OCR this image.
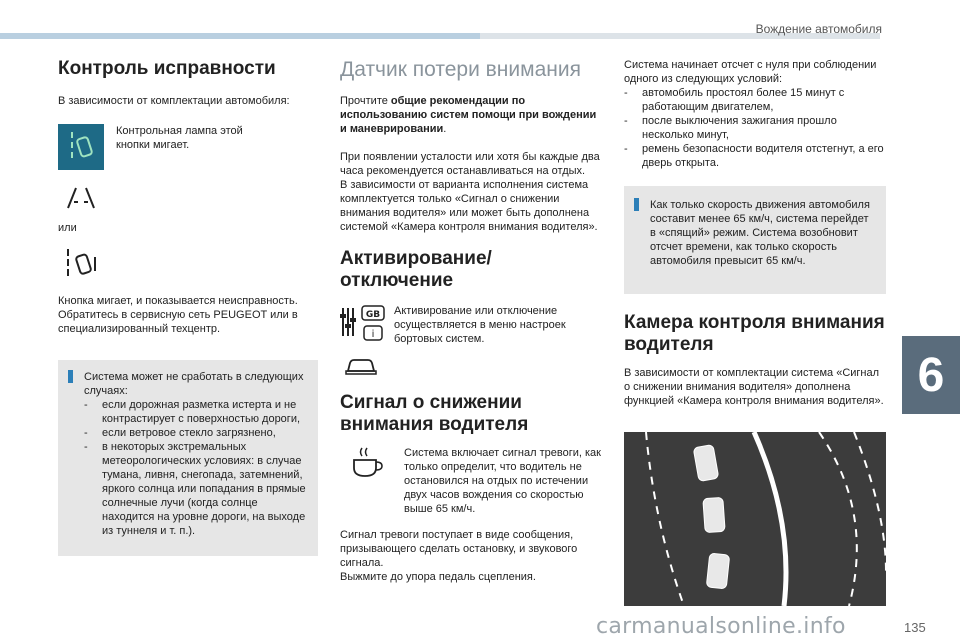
Вождение автомобиля
Контроль исправности

В зависимости от комплектации автомобиля:

Контрольная лампа этой кнопки мигает.

или

Кнопка мигает, и показывается неисправность. Обратитесь в сервисную сеть PEUGEOT или в специализированный техцентр.

Система может не сработать в следующих случаях:

-	если дорожная разметка истерта и не контрастирует с поверхностью дороги,
-	если ветровое стекло загрязнено,
-	в некоторых экстремальных метеорологических условиях: в случае тумана, ливня, снегопада, затемнений, яркого солнца или попадания в прямые солнечные лучи (когда солнце находится на уровне дороги, на выходе из туннеля и т. п.).
Датчик потери внимания

Прочтите общие рекомендации по использованию систем помощи при вождении и маневрировании.

При появлении усталости или хотя бы каждые два часа рекомендуется останавливаться на отдых.

В зависимости от варианта исполнения система комплектуется только «Сигнал о снижении внимания водителя» или может быть дополнена системой «Камера контроля внимания водителя».

Активирование/отключение
GB
i

Активирование или отключение осуществляется в меню настроек бортовых систем.

Сигнал о снижении внимания водителя

Система включает сигнал тревоги, как только определит, что водитель не остановился на отдых по истечении двух часов вождения со скоростью выше 65 км/ч.

Сигнал тревоги поступает в виде сообщения, призывающего сделать остановку, и звукового сигнала.

Выжмите до упора педаль сцепления.

Система начинает отсчет с нуля при соблюдении одного из следующих условий:

-	автомобиль простоял более 15 минут с работающим двигателем,
-	после выключения зажигания прошло несколько минут,
-	ремень безопасности водителя отстегнут, а его дверь открыта.

Как только скорость движения автомобиля составит менее 65 км/ч, система перейдет в «спящий» режим. Система возобновит отсчет времени, как только скорость автомобиля превысит 65 км/ч.

Камера контроля внимания водителя

В зависимости от комплектации система «Сигнал о снижении внимания водителя» дополнена функцией «Камера контроля внимания водителя». 6
135
carmanualsonline.info
